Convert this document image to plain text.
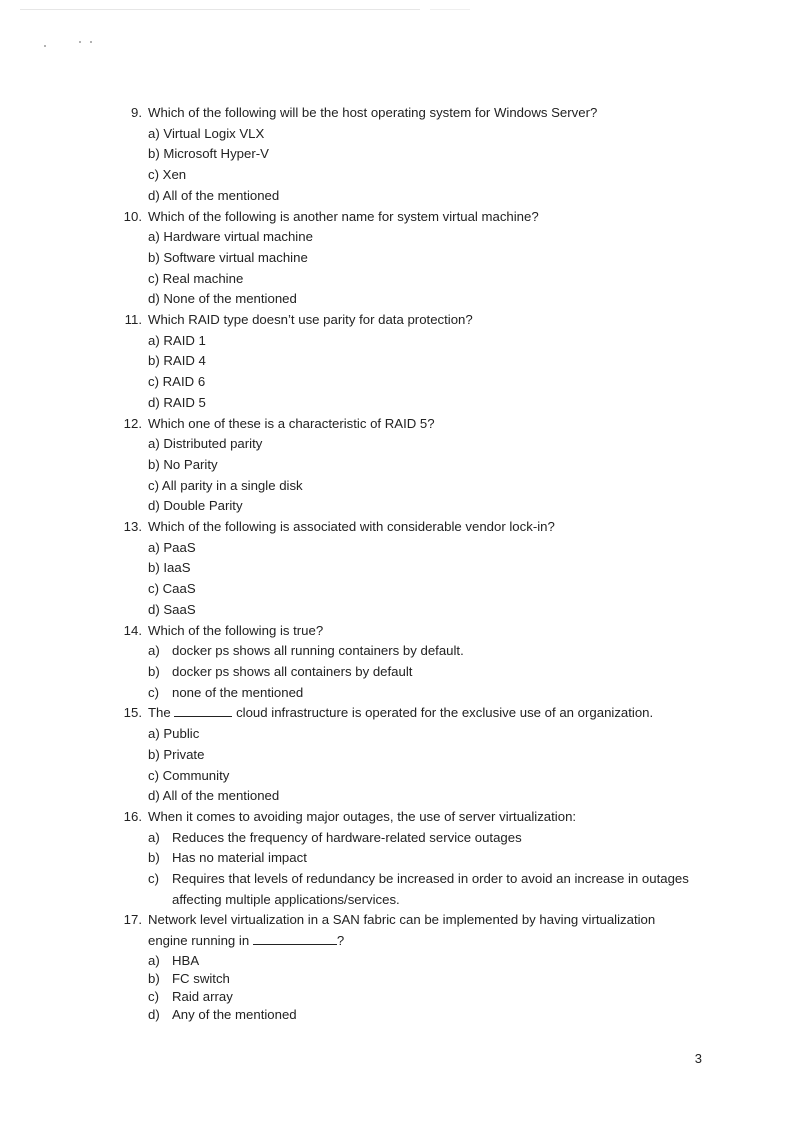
9. Which of the following will be the host operating system for Windows Server?
a) Virtual Logix VLX
b) Microsoft Hyper-V
c) Xen
d) All of the mentioned
10. Which of the following is another name for system virtual machine?
a) Hardware virtual machine
b) Software virtual machine
c) Real machine
d) None of the mentioned
11. Which RAID type doesn’t use parity for data protection?
a) RAID 1
b) RAID 4
c) RAID 6
d) RAID 5
12. Which one of these is a characteristic of RAID 5?
a) Distributed parity
b) No Parity
c) All parity in a single disk
d) Double Parity
13. Which of the following is associated with considerable vendor lock-in?
a) PaaS
b) IaaS
c) CaaS
d) SaaS
14. Which of the following is true?
a) docker ps shows all running containers by default.
b) docker ps shows all containers by default
c) none of the mentioned
15. The	cloud infrastructure is operated for the exclusive use of an organization.
a) Public
b) Private
c) Community
d) All of the mentioned
16. When it comes to avoiding major outages, the use of server virtualization:
a) Reduces the frequency of hardware-related service outages
b) Has no material impact
c) Requires that levels of redundancy be increased in order to avoid an increase in outages affecting multiple applications/services.
17. Network level virtualization in a SAN fabric can be implemented by having virtualization
engine running in	?
a) HBA
b) FC switch
c) Raid array
d) Any of the mentioned
3
